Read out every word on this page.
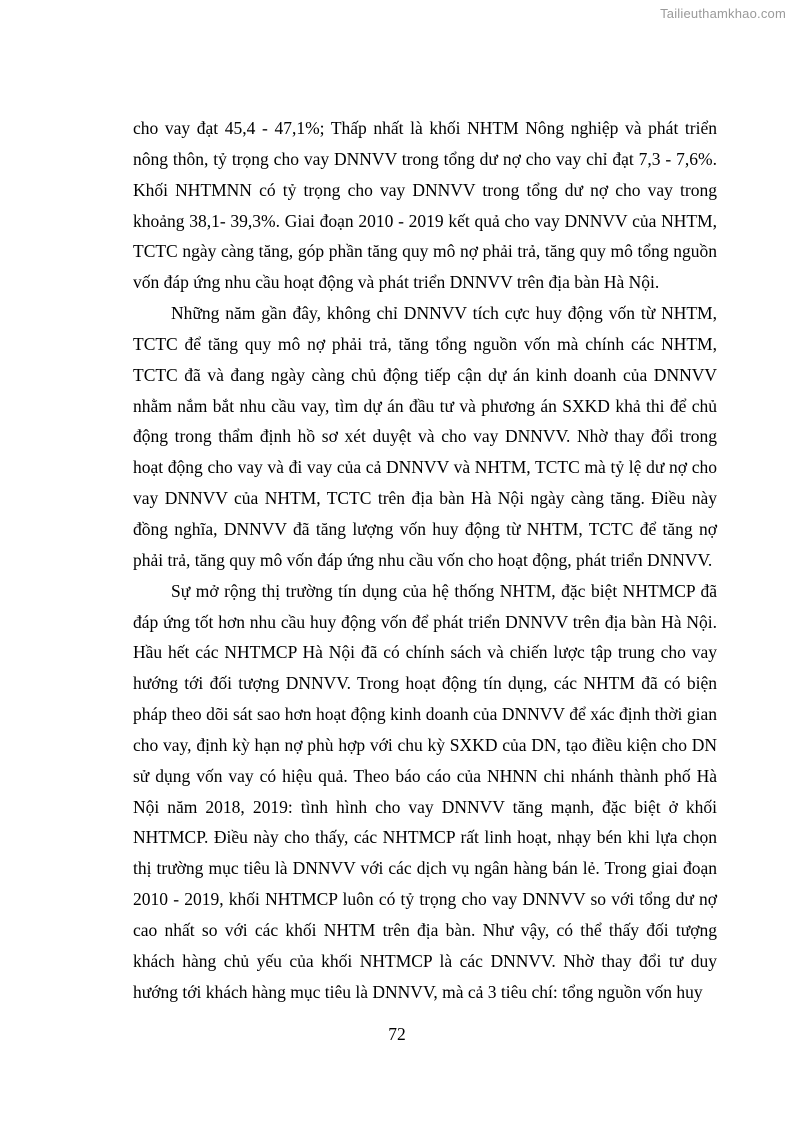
Tailieuthamkhao.com

cho vay đạt 45,4 - 47,1%; Thấp nhất là khối NHTM Nông nghiệp và phát triển nông thôn, tỷ trọng cho vay DNNVV trong tổng dư nợ cho vay chỉ đạt 7,3 - 7,6%. Khối NHTMNN có tỷ trọng cho vay DNNVV trong tổng dư nợ cho vay trong khoảng 38,1- 39,3%. Giai đoạn 2010 - 2019 kết quả cho vay DNNVV của NHTM, TCTC ngày càng tăng, góp phần tăng quy mô nợ phải trả, tăng quy mô tổng nguồn vốn đáp ứng nhu cầu hoạt động và phát triển DNNVV trên địa bàn Hà Nội.

Những năm gần đây, không chỉ DNNVV tích cực huy động vốn từ NHTM, TCTC để tăng quy mô nợ phải trả, tăng tổng nguồn vốn mà chính các NHTM, TCTC đã và đang ngày càng chủ động tiếp cận dự án kinh doanh của DNNVV nhằm nắm bắt nhu cầu vay, tìm dự án đầu tư và phương án SXKD khả thi để chủ động trong thẩm định hồ sơ xét duyệt và cho vay DNNVV. Nhờ thay đổi trong hoạt động cho vay và đi vay của cả DNNVV và NHTM, TCTC mà tỷ lệ dư nợ cho vay DNNVV của NHTM, TCTC trên địa bàn Hà Nội ngày càng tăng. Điều này đồng nghĩa, DNNVV đã tăng lượng vốn huy động từ NHTM, TCTC để tăng nợ phải trả, tăng quy mô vốn đáp ứng nhu cầu vốn cho hoạt động, phát triển DNNVV.

Sự mở rộng thị trường tín dụng của hệ thống NHTM, đặc biệt NHTMCP đã đáp ứng tốt hơn nhu cầu huy động vốn để phát triển DNNVV trên địa bàn Hà Nội. Hầu hết các NHTMCP Hà Nội đã có chính sách và chiến lược tập trung cho vay hướng tới đối tượng DNNVV. Trong hoạt động tín dụng, các NHTM đã có biện pháp theo dõi sát sao hơn hoạt động kinh doanh của DNNVV để xác định thời gian cho vay, định kỳ hạn nợ phù hợp với chu kỳ SXKD của DN, tạo điều kiện cho DN sử dụng vốn vay có hiệu quả. Theo báo cáo của NHNN chi nhánh thành phố Hà Nội năm 2018, 2019: tình hình cho vay DNNVV tăng mạnh, đặc biệt ở khối NHTMCP. Điều này cho thấy, các NHTMCP rất linh hoạt, nhạy bén khi lựa chọn thị trường mục tiêu là DNNVV với các dịch vụ ngân hàng bán lẻ. Trong giai đoạn 2010 - 2019, khối NHTMCP luôn có tỷ trọng cho vay DNNVV so với tổng dư nợ cao nhất so với các khối NHTM trên địa bàn. Như vậy, có thể thấy đối tượng khách hàng chủ yếu của khối NHTMCP là các DNNVV. Nhờ thay đổi tư duy hướng tới khách hàng mục tiêu là DNNVV, mà cả 3 tiêu chí: tổng nguồn vốn huy

72
